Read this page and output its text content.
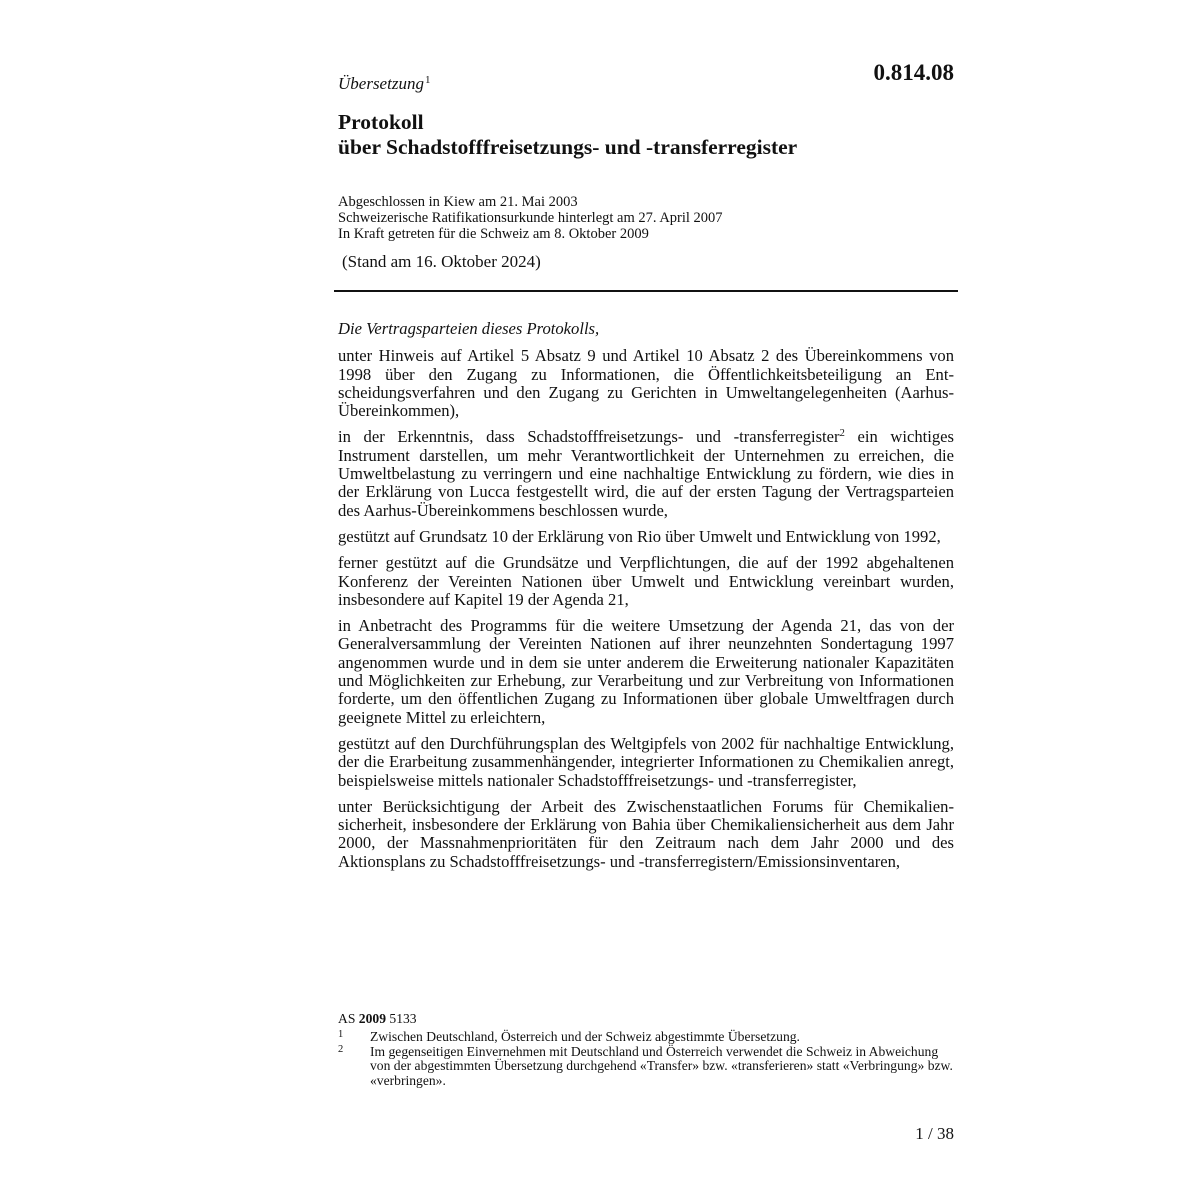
0.814.08
Übersetzung$^1$
Protokoll
über Schadstofffreisetzungs- und -transferregister
Abgeschlossen in Kiew am 21. Mai 2003
Schweizerische Ratifikationsurkunde hinterlegt am 27. April 2007
In Kraft getreten für die Schweiz am 8. Oktober 2009
(Stand am 16. Oktober 2024)

Die Vertragsparteien dieses Protokolls,

unter Hinweis auf Artikel 5 Absatz 9 und Artikel 10 Absatz 2 des Übereinkommens von 1998 über den Zugang zu Informationen, die Öffentlichkeitsbeteiligung an Entscheidungsverfahren und den Zugang zu Gerichten in Umweltangelegenheiten (Aarhus-Übereinkommen),

in der Erkenntnis, dass Schadstofffreisetzungs- und -transferregister$^2$ ein wichtiges Instrument darstellen, um mehr Verantwortlichkeit der Unternehmen zu erreichen, die Umweltbelastung zu verringern und eine nachhaltige Entwicklung zu fördern, wie dies in der Erklärung von Lucca festgestellt wird, die auf der ersten Tagung der Vertragsparteien des Aarhus-Übereinkommens beschlossen wurde,

gestützt auf Grundsatz 10 der Erklärung von Rio über Umwelt und Entwicklung von 1992,

ferner gestützt auf die Grundsätze und Verpflichtungen, die auf der 1992 abgehaltenen Konferenz der Vereinten Nationen über Umwelt und Entwicklung vereinbart wurden, insbesondere auf Kapitel 19 der Agenda 21,

in Anbetracht des Programms für die weitere Umsetzung der Agenda 21, das von der Generalversammlung der Vereinten Nationen auf ihrer neunzehnten Sondertagung 1997 angenommen wurde und in dem sie unter anderem die Erweiterung nationaler Kapazitäten und Möglichkeiten zur Erhebung, zur Verarbeitung und zur Verbreitung von Informationen forderte, um den öffentlichen Zugang zu Informationen über globale Umweltfragen durch geeignete Mittel zu erleichtern,

gestützt auf den Durchführungsplan des Weltgipfels von 2002 für nachhaltige Entwicklung, der die Erarbeitung zusammenhängender, integrierter Informationen zu Chemikalien anregt, beispielsweise mittels nationaler Schadstofffreisetzungs- und -transferregister,

unter Berücksichtigung der Arbeit des Zwischenstaatlichen Forums für Chemikaliensicherheit, insbesondere der Erklärung von Bahia über Chemikaliensicherheit aus dem Jahr 2000, der Massnahmenprioritäten für den Zeitraum nach dem Jahr 2000 und des Aktionsplans zu Schadstofffreisetzungs- und -transferregistern/Emissionsinventaren,

AS 2009 5133
1 Zwischen Deutschland, Österreich und der Schweiz abgestimmte Übersetzung.
2 Im gegenseitigen Einvernehmen mit Deutschland und Österreich verwendet die Schweiz in Abweichung von der abgestimmten Übersetzung durchgehend «Transfer» bzw. «transferieren» statt «Verbringung» bzw. «verbringen».
1 / 38
